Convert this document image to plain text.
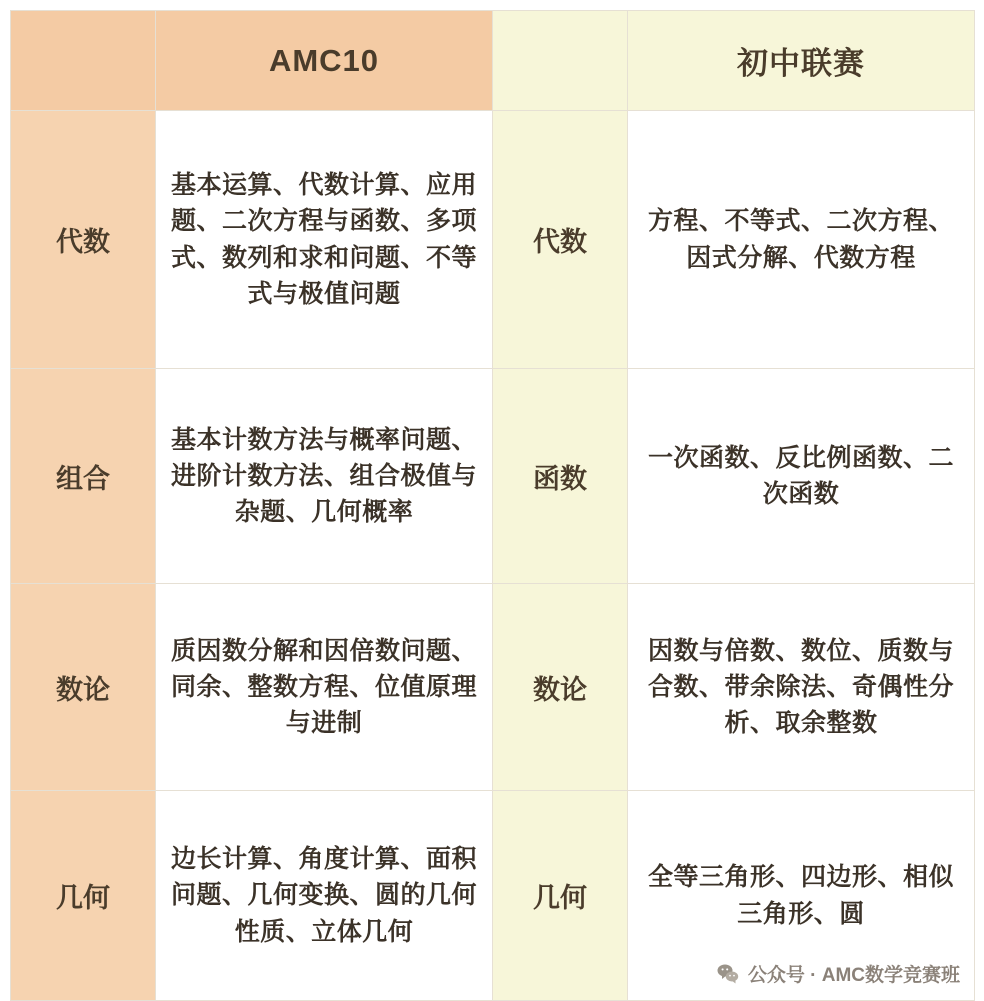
	AMC10		初中联赛
代数	基本运算、代数计算、应用题、二次方程与函数、多项式、数列和求和问题、不等式与极值问题	代数	方程、不等式、二次方程、因式分解、代数方程
组合	基本计数方法与概率问题、进阶计数方法、组合极值与杂题、几何概率	函数	一次函数、反比例函数、二次函数
数论	质因数分解和因倍数问题、同余、整数方程、位值原理与进制	数论	因数与倍数、数位、质数与合数、带余除法、奇偶性分析、取余整数
几何	边长计算、角度计算、面积问题、几何变换、圆的几何性质、立体几何	几何	全等三角形、四边形、相似三角形、圆
公众号 · AMC数学竞赛班
